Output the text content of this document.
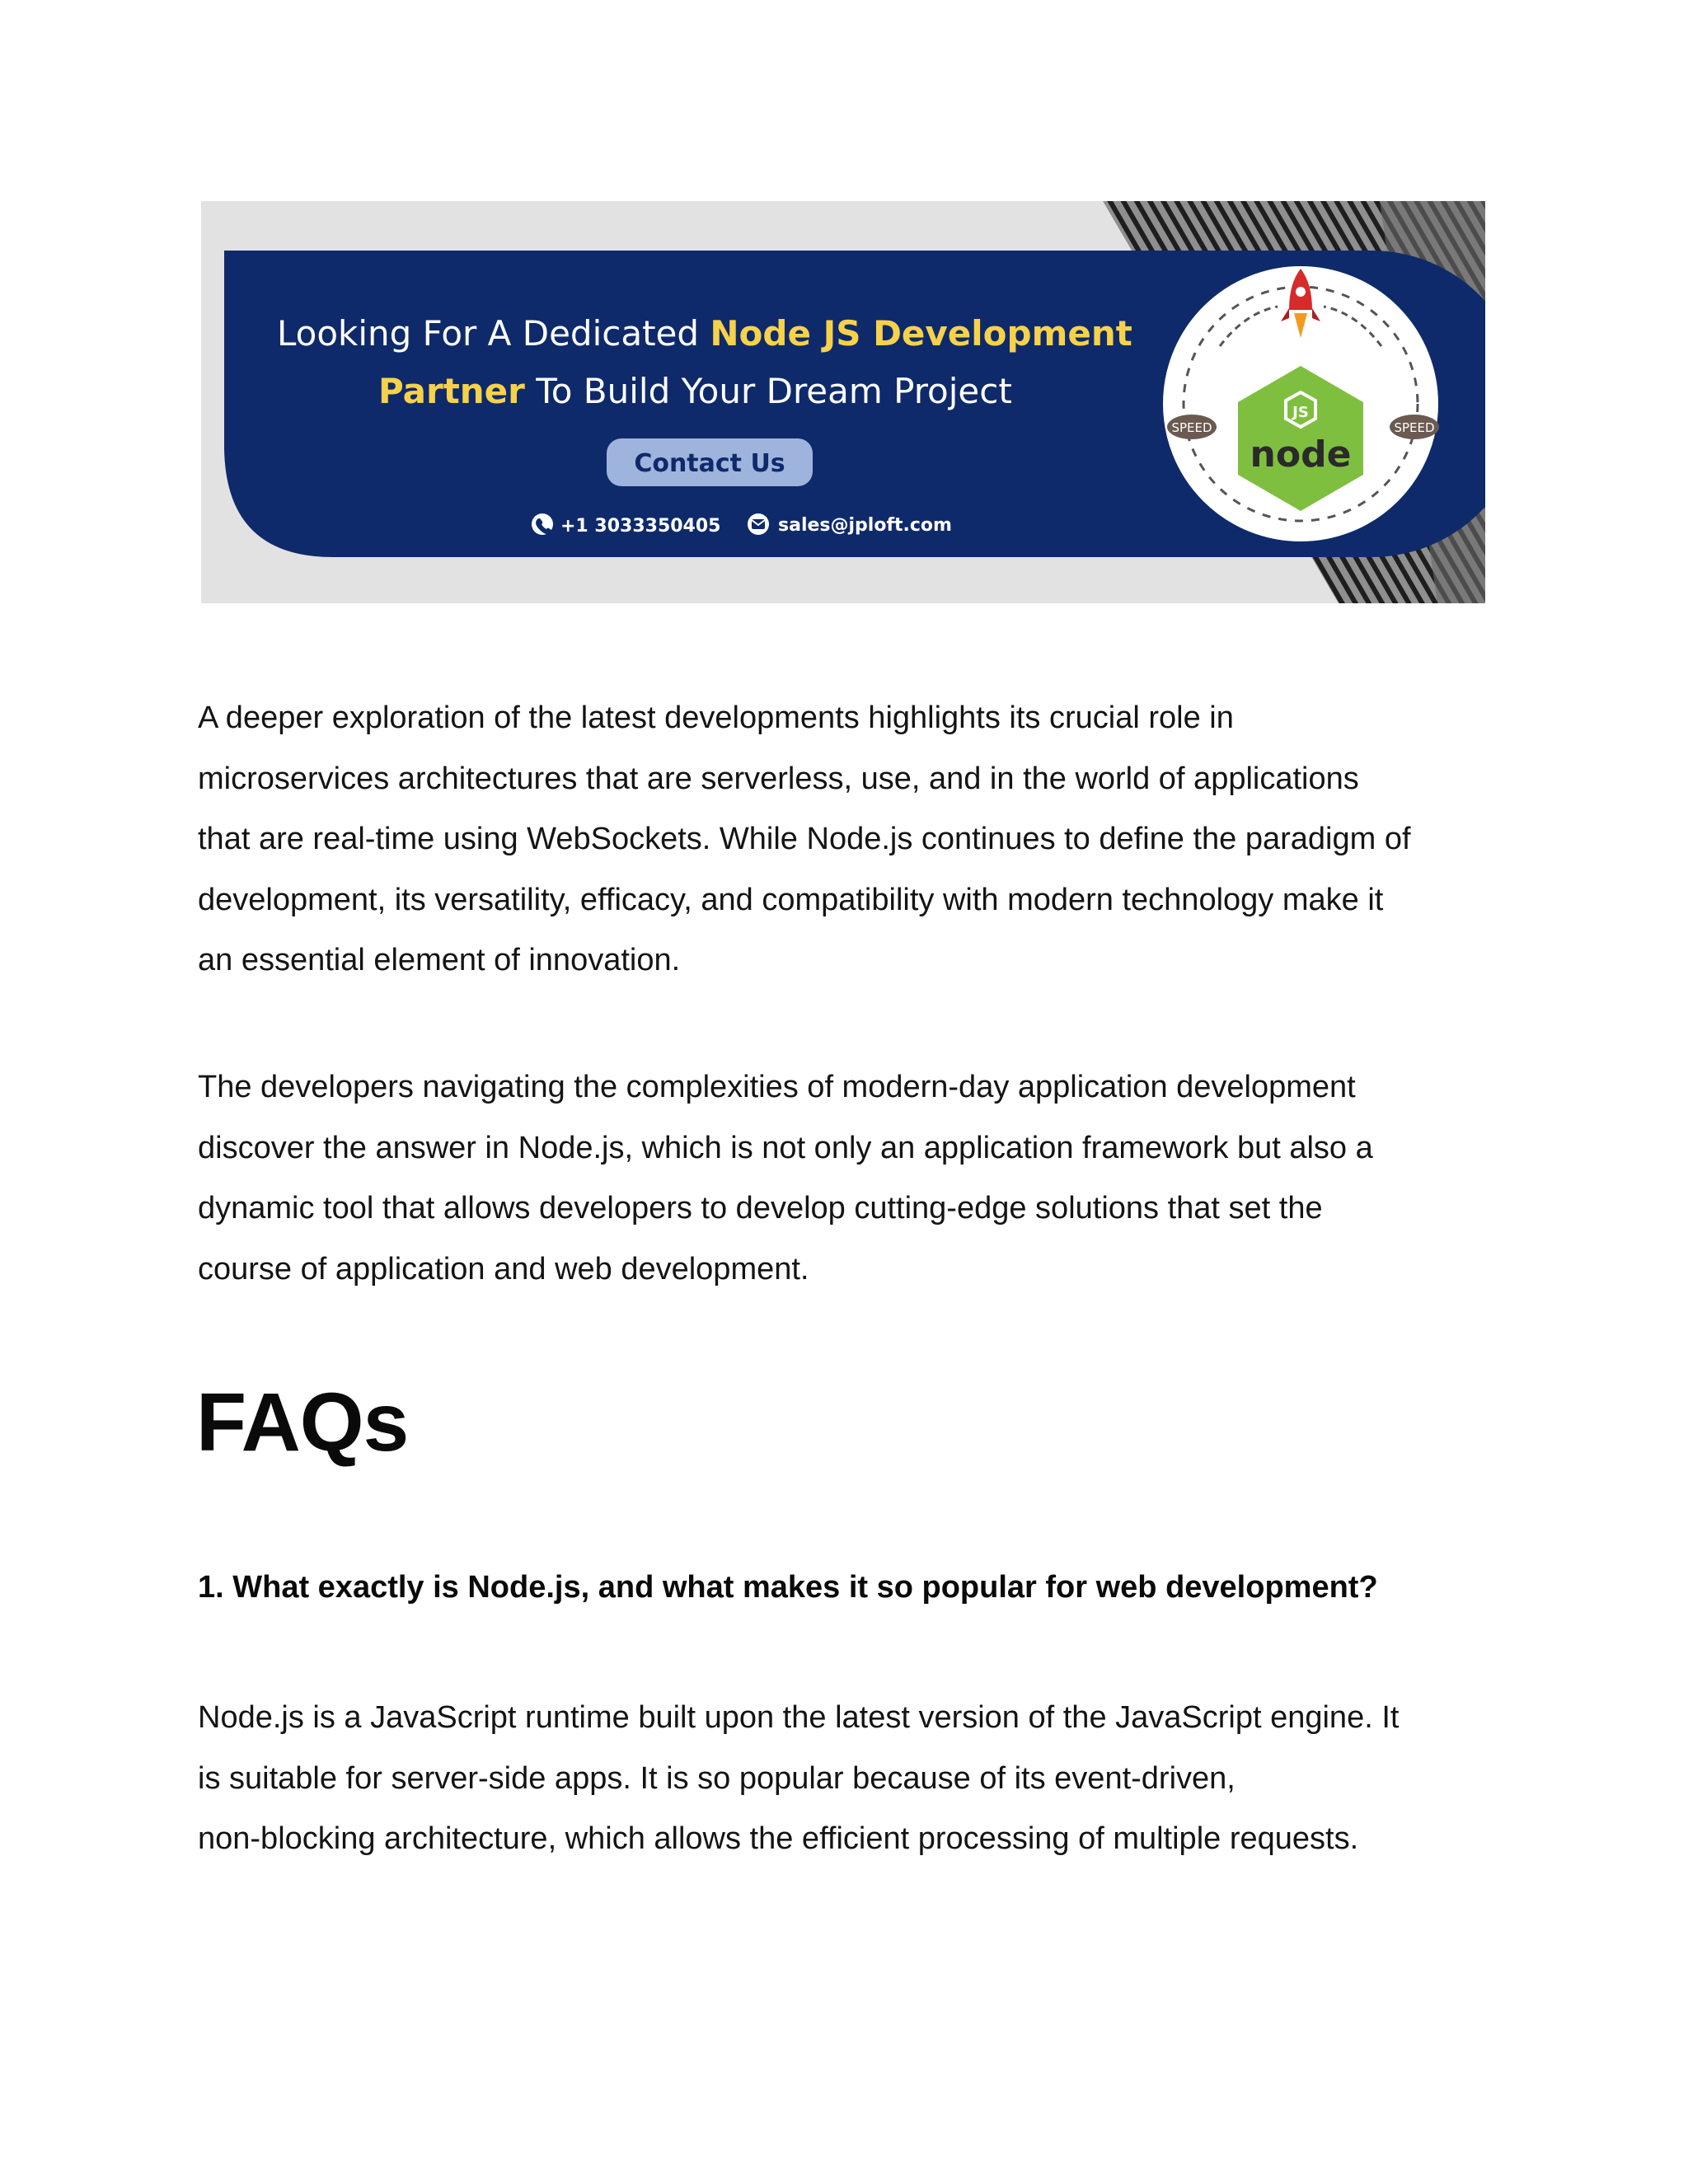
Looking For A Dedicated Node JS Development
Partner To Build Your Dream Project
Contact Us
+1 3033350405	sales@jploft.com
JS
node
SPEED	SPEED
A deeper exploration of the latest developments highlights its crucial role in
microservices architectures that are serverless, use, and in the world of applications
that are real-time using WebSockets. While Node.js continues to define the paradigm of
development, its versatility, efficacy, and compatibility with modern technology make it
an essential element of innovation.
The developers navigating the complexities of modern-day application development
discover the answer in Node.js, which is not only an application framework but also a
dynamic tool that allows developers to develop cutting-edge solutions that set the
course of application and web development.
FAQs
1. What exactly is Node.js, and what makes it so popular for web development?
Node.js is a JavaScript runtime built upon the latest version of the JavaScript engine. It
is suitable for server-side apps. It is so popular because of its event-driven,
non-blocking architecture, which allows the efficient processing of multiple requests.
